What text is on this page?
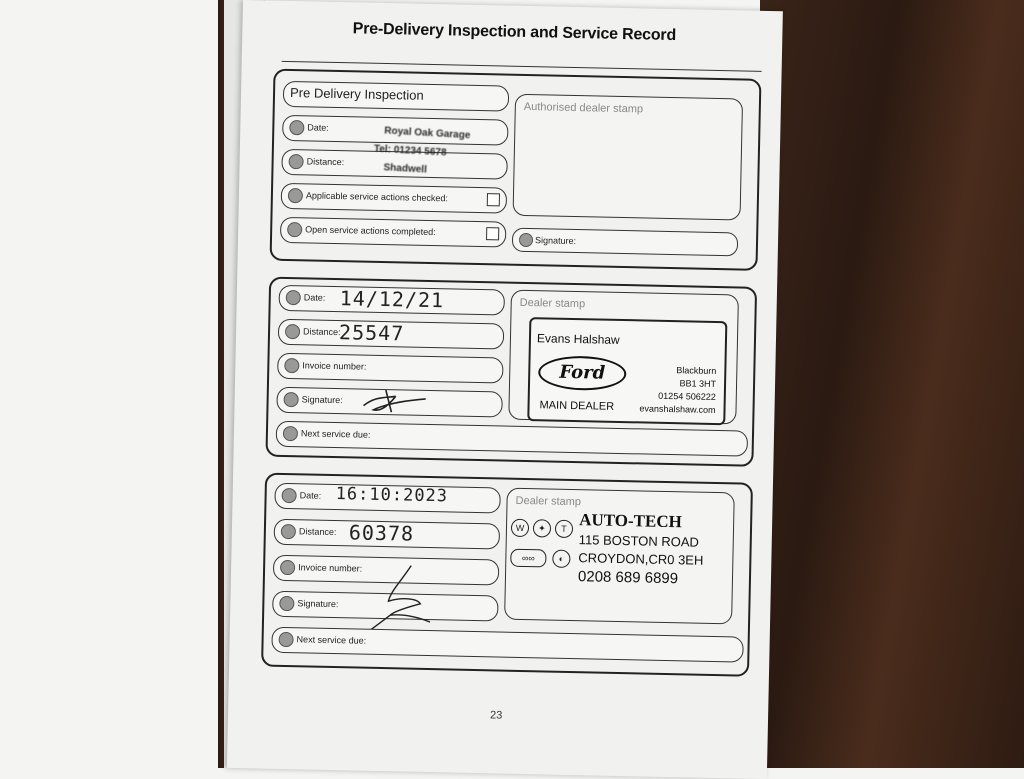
Pre-Delivery Inspection and Service Record
Pre Delivery Inspection
Date:
Distance:
Applicable service actions checked:
Open service actions completed:
Royal Oak Garage
Tel: 01234 5678
Shadwell
Authorised dealer stamp
Signature:
Date: 14/12/21
Distance:
25547
Invoice number:
Signature:
Next service due:
Dealer stamp
Evans Halshaw
Ford
MAIN DEALER
Blackburn
BB1 3HT
01254 506222
evanshalshaw.com
Date: 16:10:2023
Distance: 60378
Invoice number:
Signature:
Next service due:
Dealer stamp
W	✦	T
∞∞	◐
AUTO-TECH
115 BOSTON ROAD
CROYDON,CR0 3EH
0208 689 6899
23
